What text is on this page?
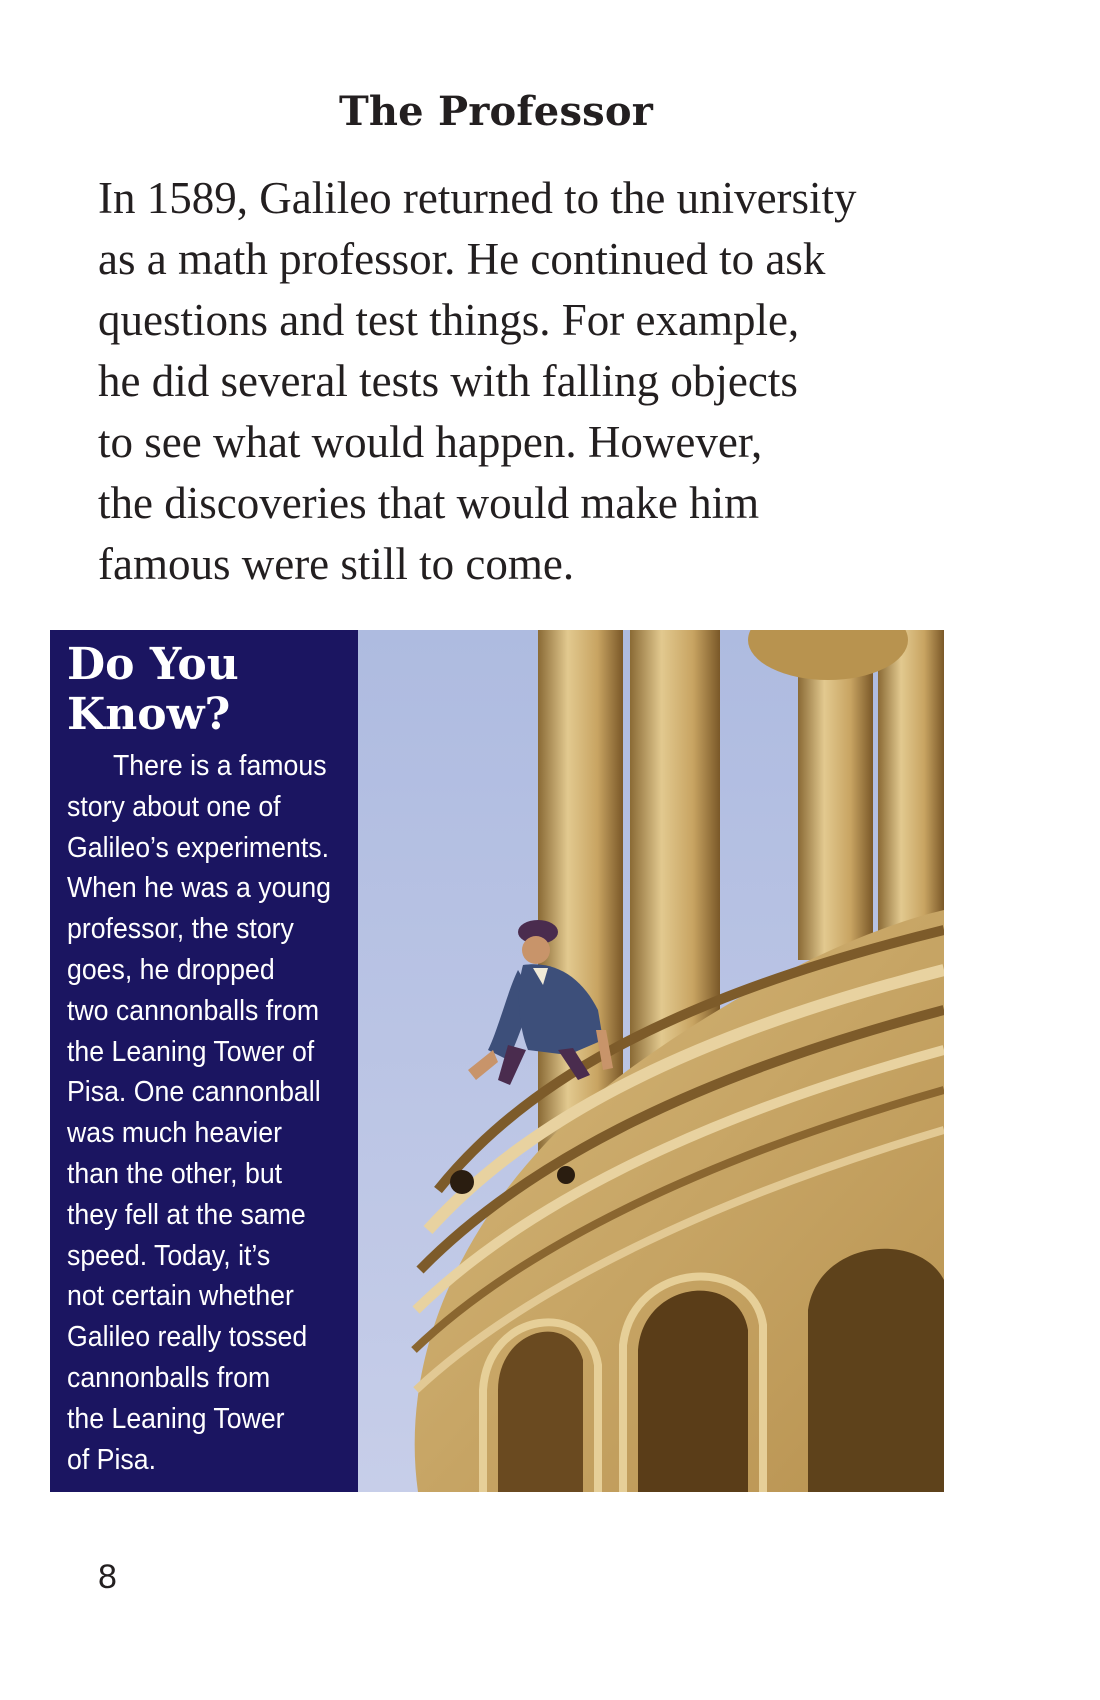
The Professor
In 1589, Galileo returned to the university
as a math professor. He continued to ask
questions and test things. For example,
he did several tests with falling objects
to see what would happen. However,
the discoveries that would make him
famous were still to come.
Do You
Know?
There is a famous
story about one of
Galileo’s experiments.
When he was a young
professor, the story
goes, he dropped
two cannonballs from
the Leaning Tower of
Pisa. One cannonball
was much heavier
than the other, but
they fell at the same
speed. Today, it’s
not certain whether
Galileo really tossed
cannonballs from
the Leaning Tower
of Pisa.
8
